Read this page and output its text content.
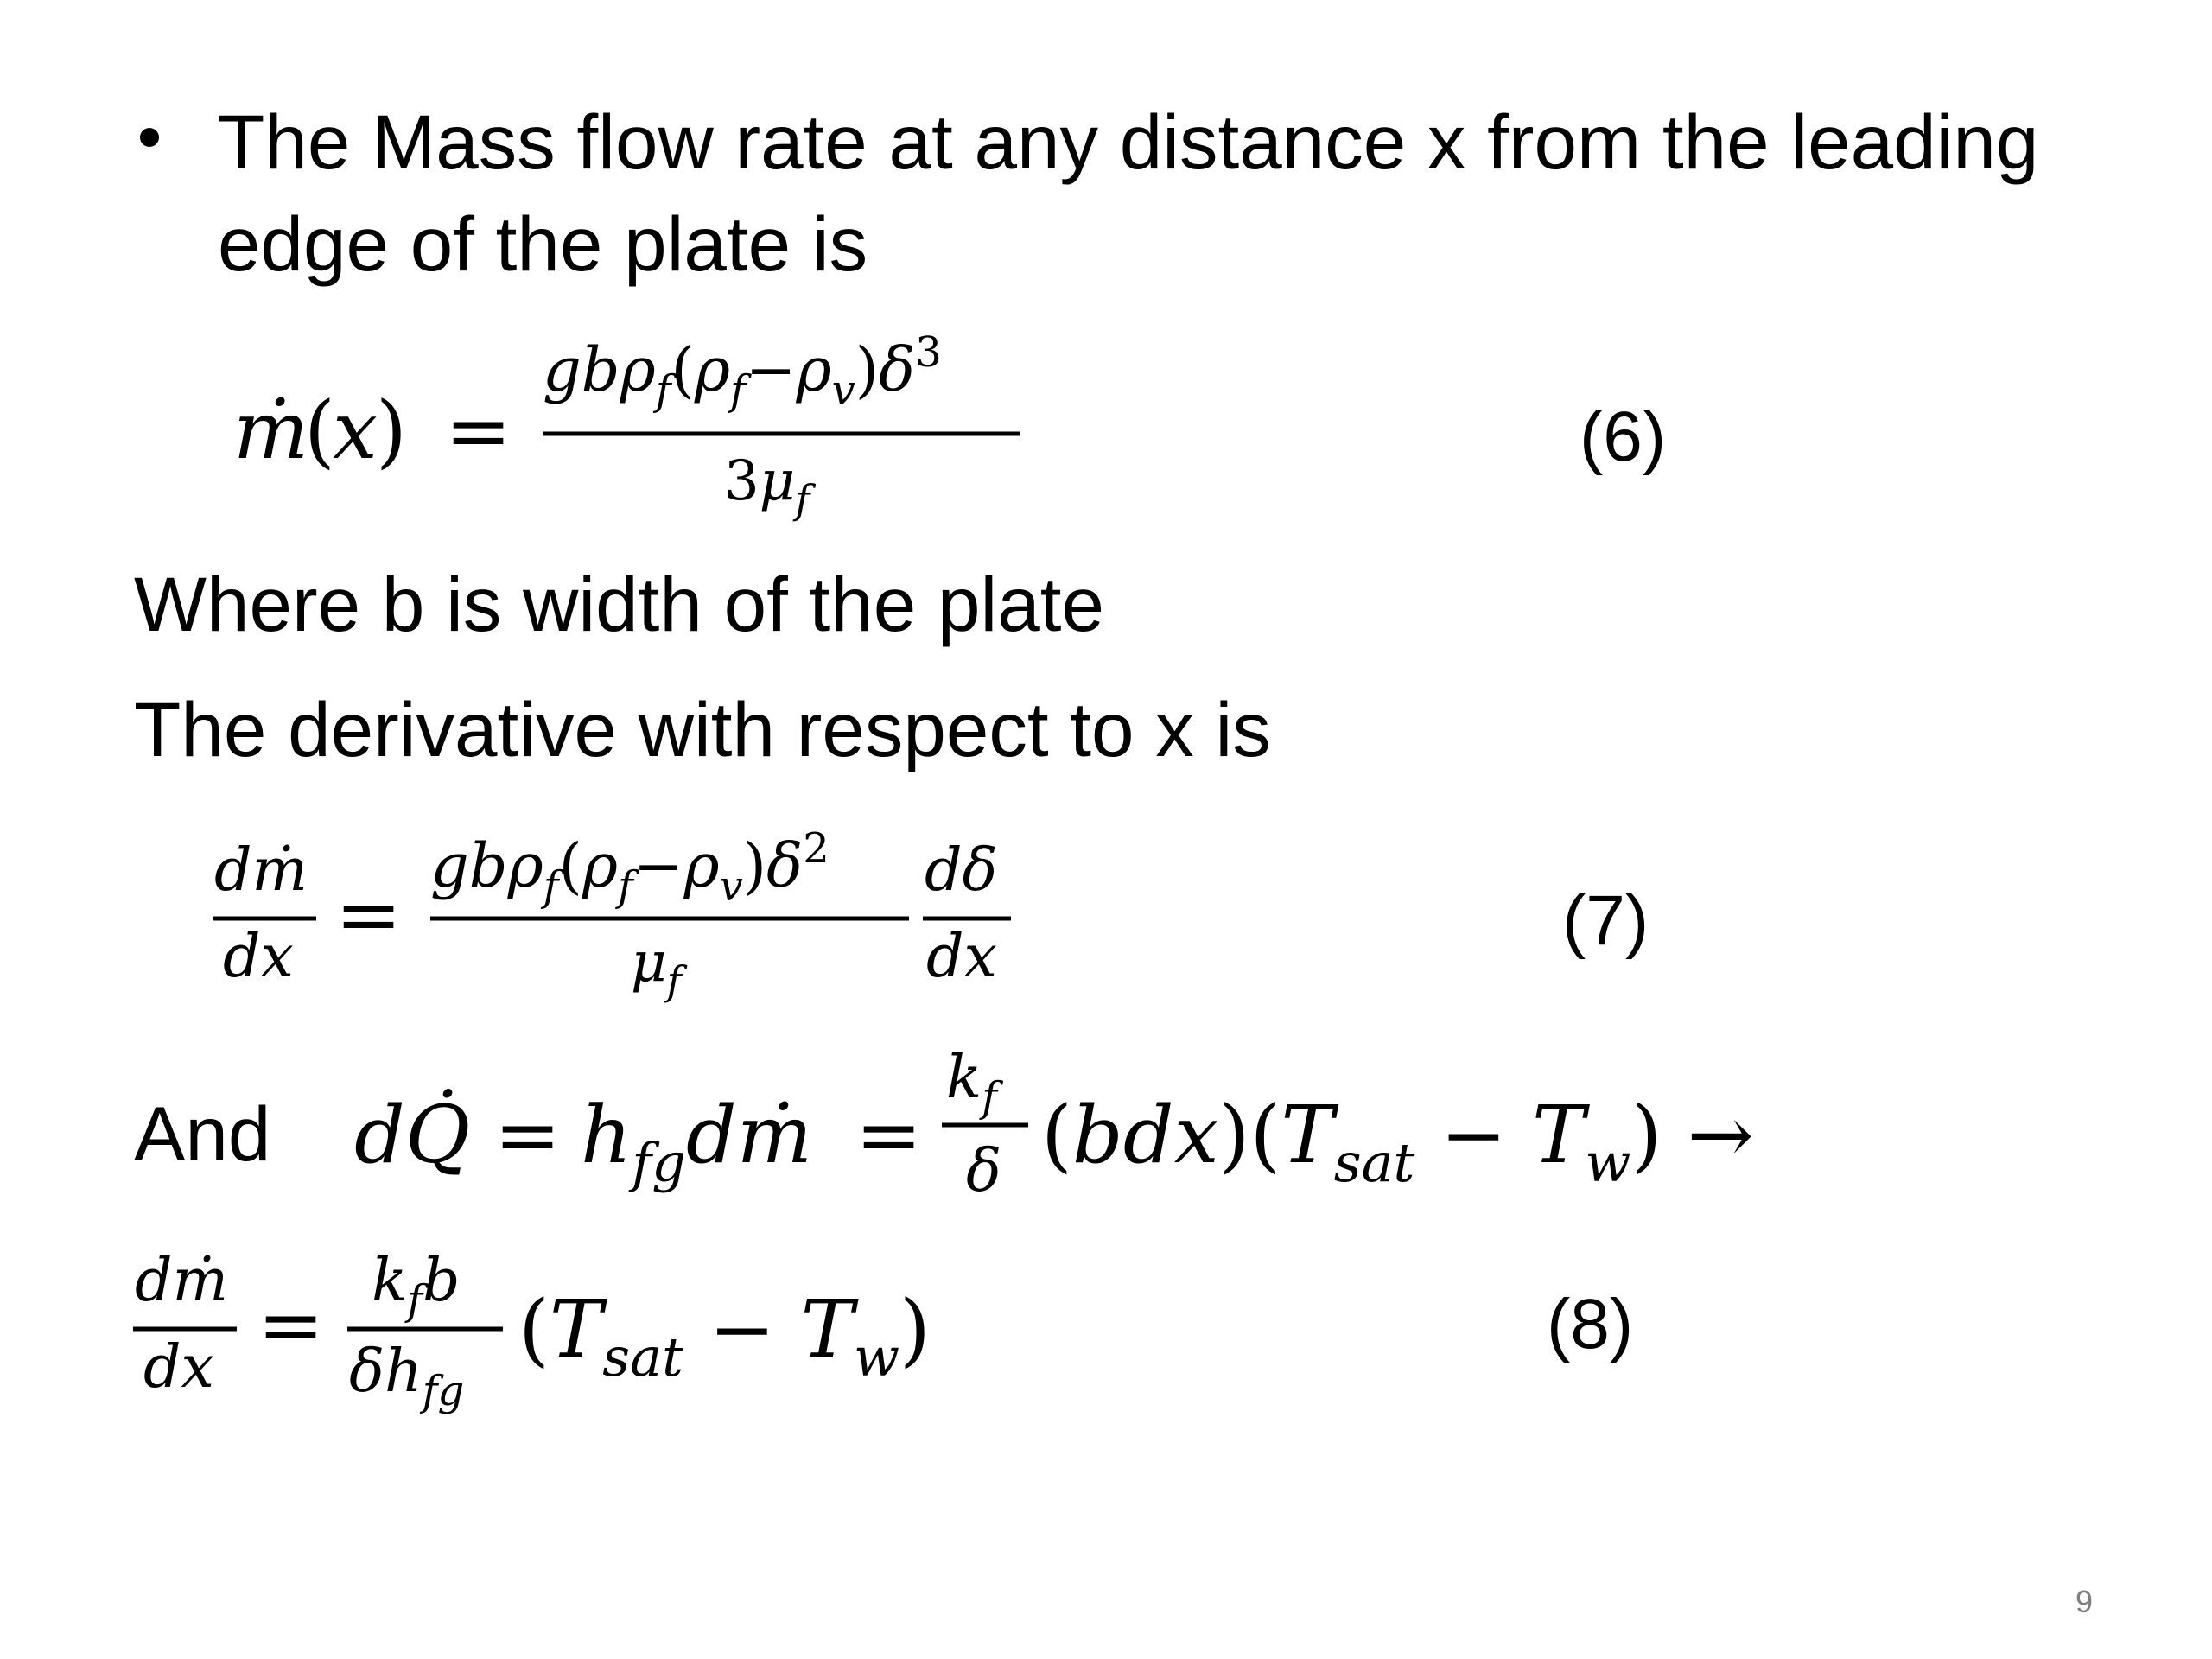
The Mass flow rate at any distance x from the leading
edge of the plate is
ṁ
(
x
) =
$gb\rho_f(\rho_f-\rho_v)\delta^3$
$3\mu_f$
(6)
Where b is width of the plate
The derivative with respect to x is
dṁ
dx =
$gb\rho_f(\rho_f-\rho_v)\delta^2$
$\mu_f$
dδ
dx	(7)
And dQ̇ = $h_{fg}dṁ$ =
$k_f$
δ $(bdx)(T_{sat} - T_w)$ →
dṁ
dx = $k_fb$
$\delta h_{fg}$
$(T_{sat} - T_w)$	(8)
9
